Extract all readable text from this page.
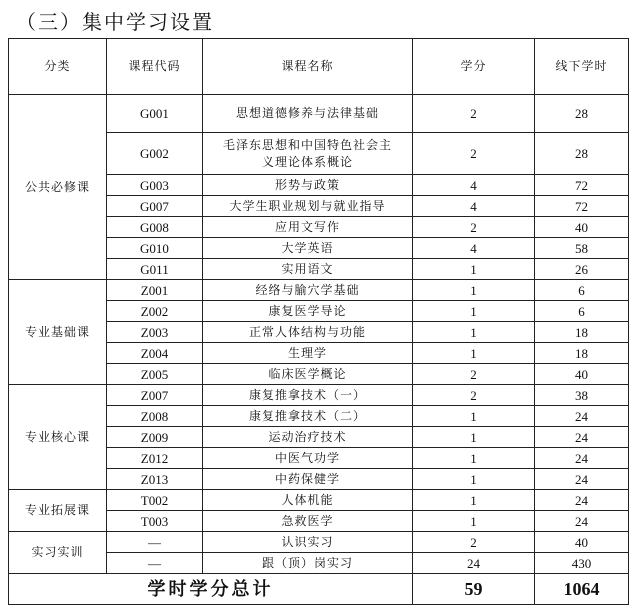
（三）集中学习设置
分类	课程代码	课程名称	学分	线下学时
公共必修课	G001	思想道德修养与法律基础	2	28
	G002	毛泽东思想和中国特色社会主义理论体系概论	2	28
	G003	形势与政策	4	72
	G007	大学生职业规划与就业指导	4	72
	G008	应用文写作	2	40
	G010	大学英语	4	58
	G011	实用语文	1	26
专业基础课	Z001	经络与腧穴学基础	1	6
	Z002	康复医学导论	1	6
	Z003	正常人体结构与功能	1	18
	Z004	生理学	1	18
	Z005	临床医学概论	2	40
专业核心课	Z007	康复推拿技术（一）	2	38
	Z008	康复推拿技术（二）	1	24
	Z009	运动治疗技术	1	24
	Z012	中医气功学	1	24
	Z013	中药保健学	1	24
专业拓展课	T002	人体机能	1	24
	T003	急救医学	1	24
实习实训	—	认识实习	2	40
	—	跟（顶）岗实习	24	430
学时学分总计			59	1064
